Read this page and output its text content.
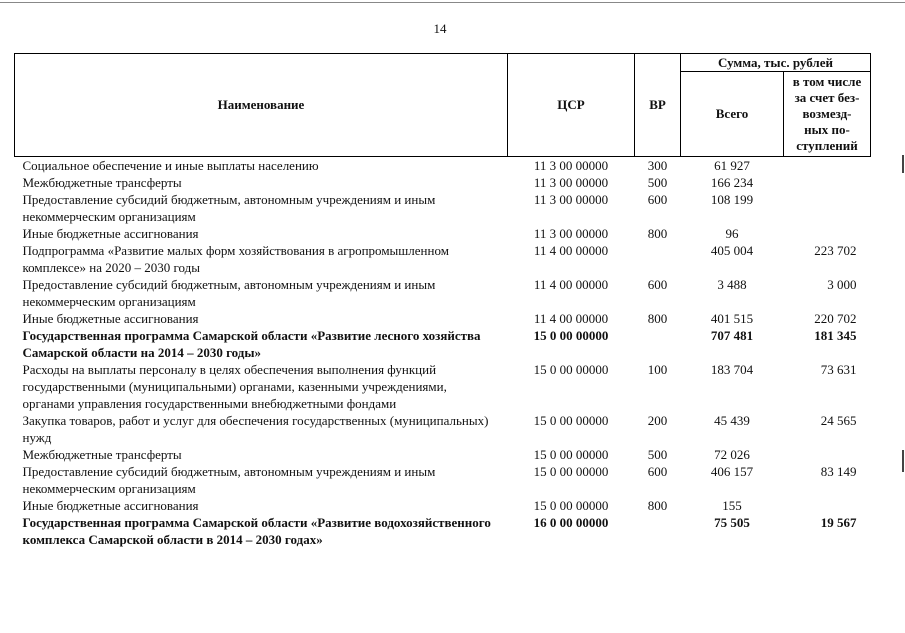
14
Наименование	ЦСР	ВР	Сумма, тыс. рублей	
			Всего	в том числе
за счет без-
возмезд-
ных по-
ступлений

Социальное обеспечение и иные выплаты населению	11 3 00 00000	300	61 927	
Межбюджетные трансферты	11 3 00 00000	500	166 234	
Предоставление субсидий бюджетным, автономным учреждениям и иным некоммерческим организациям	11 3 00 00000	600	108 199	
Иные бюджетные ассигнования	11 3 00 00000	800	96	
Подпрограмма «Развитие малых форм хозяйствования в агропромышленном комплексе» на 2020 – 2030 годы	11 4 00 00000		405 004	223 702
Предоставление субсидий бюджетным, автономным учреждениям и иным некоммерческим организациям	11 4 00 00000	600	3 488	3 000
Иные бюджетные ассигнования	11 4 00 00000	800	401 515	220 702
Государственная программа Самарской области «Развитие лесного хозяйства Самарской области на 2014 – 2030 годы»	15 0 00 00000		707 481	181 345
Расходы на выплаты персоналу в целях обеспечения выполнения функций государственными (муниципальными) органами, казенными учреждениями, органами управления государственными внебюджетными фондами	15 0 00 00000	100	183 704	73 631
Закупка товаров, работ и услуг для обеспечения государственных (муниципальных) нужд	15 0 00 00000	200	45 439	24 565
Межбюджетные трансферты	15 0 00 00000	500	72 026	
Предоставление субсидий бюджетным, автономным учреждениям и иным некоммерческим организациям	15 0 00 00000	600	406 157	83 149
Иные бюджетные ассигнования	15 0 00 00000	800	155	
Государственная программа Самарской области «Развитие водохозяйственного комплекса Самарской области в 2014 – 2030 годах»	16 0 00 00000		75 505	19 567
